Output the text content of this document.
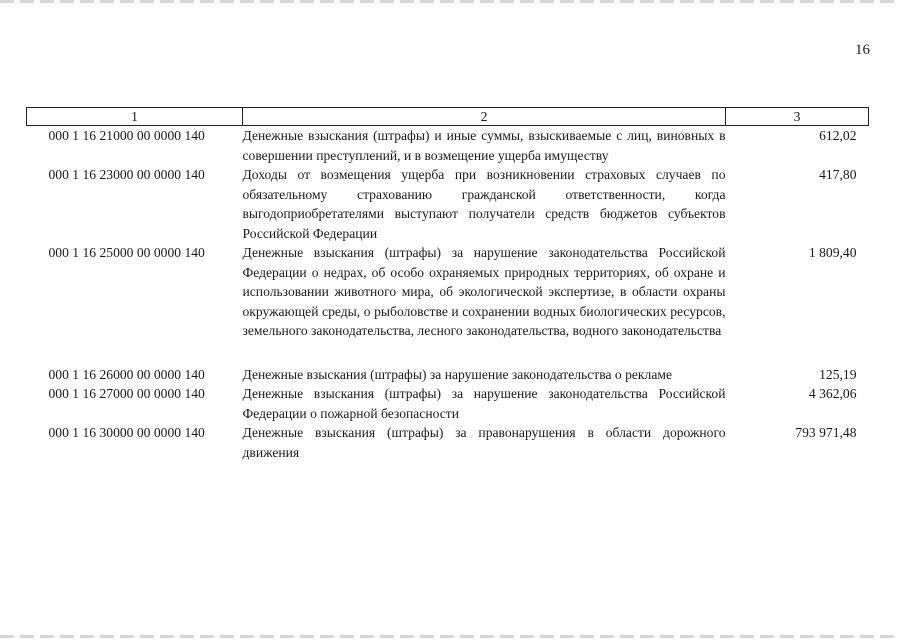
16
1	2	3
000 1 16 21000 00 0000 140	Денежные взыскания (штрафы) и иные суммы, взыскиваемые с лиц, виновных в совершении преступлений, и в возмещение ущерба имуществу	612,02
000 1 16 23000 00 0000 140	Доходы от возмещения ущерба при возникновении страховых случаев по обязательному страхованию гражданской ответственности, когда выгодоприобретателями выступают получатели средств бюджетов субъектов Российской Федерации	417,80
000 1 16 25000 00 0000 140	Денежные взыскания (штрафы) за нарушение законодательства Российской Федерации о недрах, об особо охраняемых природных территориях, об охране и использовании животного мира, об экологической экспертизе, в области охраны окружающей среды, о рыболовстве и сохранении водных биологических ресурсов, земельного законодательства, лесного законодательства, водного законодательства	1 809,40

000 1 16 26000 00 0000 140	Денежные взыскания (штрафы) за нарушение законодательства о рекламе	125,19
000 1 16 27000 00 0000 140	Денежные взыскания (штрафы) за нарушение законодательства Российской Федерации о пожарной безопасности	4 362,06
000 1 16 30000 00 0000 140	Денежные взыскания (штрафы) за правонарушения в области дорожного движения	793 971,48
